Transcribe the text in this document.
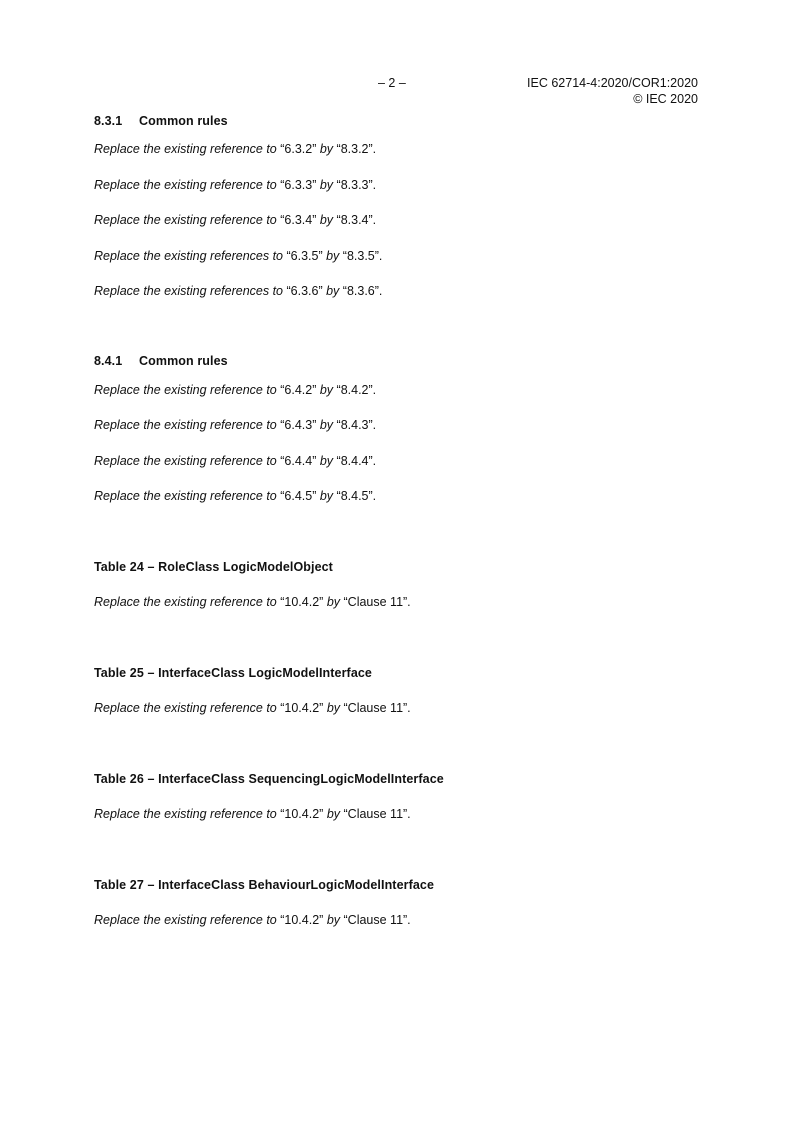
– 2 –	IEC 62714-4:2020/COR1:2020
© IEC 2020
8.3.1 Common rules
Replace the existing reference to “6.3.2” by “8.3.2”.
Replace the existing reference to “6.3.3” by “8.3.3”.
Replace the existing reference to “6.3.4” by “8.3.4”.
Replace the existing references to “6.3.5” by “8.3.5”.
Replace the existing references to “6.3.6” by “8.3.6”.
8.4.1 Common rules
Replace the existing reference to “6.4.2” by “8.4.2”.
Replace the existing reference to “6.4.3” by “8.4.3”.
Replace the existing reference to “6.4.4” by “8.4.4”.
Replace the existing reference to “6.4.5” by “8.4.5”.
Table 24 – RoleClass LogicModelObject
Replace the existing reference to “10.4.2” by “Clause 11”.
Table 25 – InterfaceClass LogicModelInterface
Replace the existing reference to “10.4.2” by “Clause 11”.
Table 26 – InterfaceClass SequencingLogicModelInterface
Replace the existing reference to “10.4.2” by “Clause 11”.
Table 27 – InterfaceClass BehaviourLogicModelInterface
Replace the existing reference to “10.4.2” by “Clause 11”.
